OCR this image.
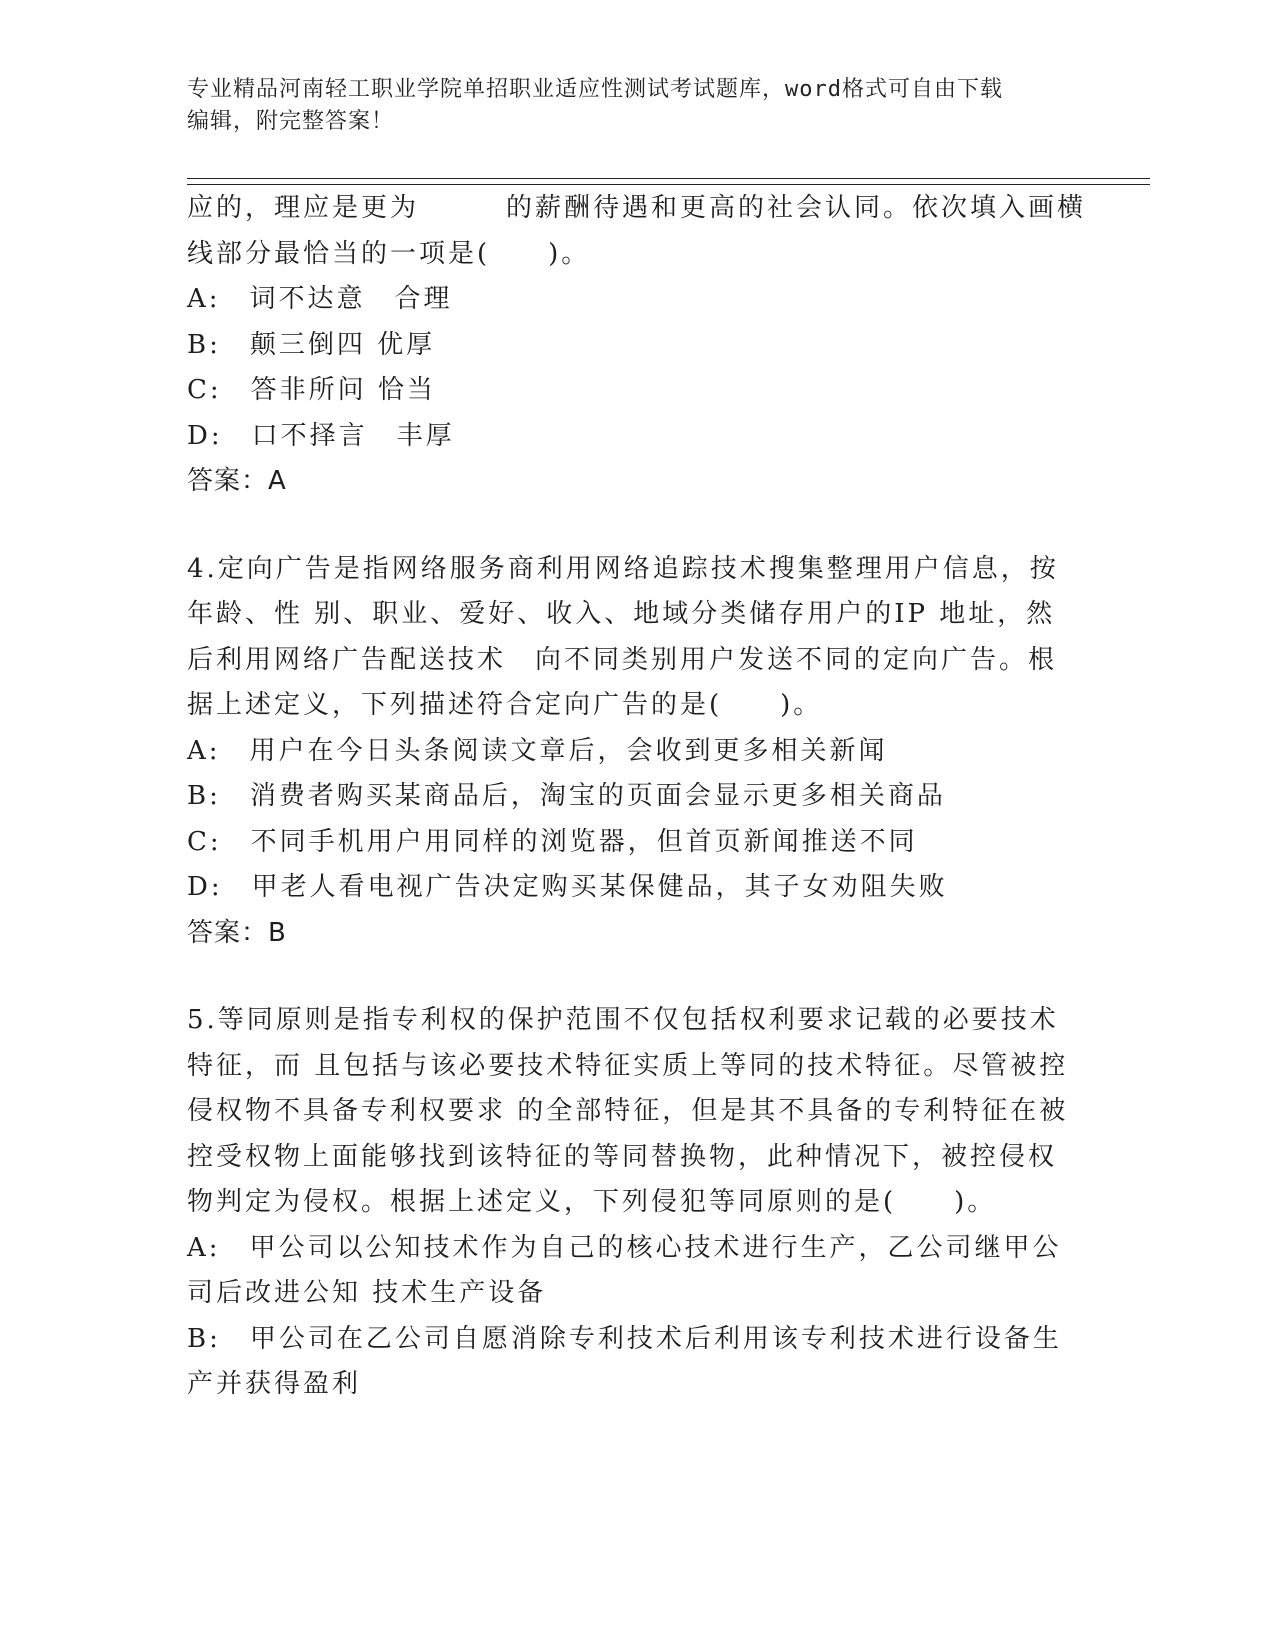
专业精品河南轻工职业学院单招职业适应性测试考试题库，word格式可自由下载
编辑，附完整答案！

应的，理应是更为　　　的薪酬待遇和更高的社会认同。依次填入画横

线部分最恰当的一项是(　　)。

A:　词不达意　合理

B:　颠三倒四 优厚

C:　答非所问 恰当

D:　口不择言　丰厚

答案：A

4.定向广告是指网络服务商利用网络追踪技术搜集整理用户信息，按

年龄、性 别、职业、爱好、收入、地域分类储存用户的IP 地址，然

后利用网络广告配送技术　向不同类别用户发送不同的定向广告。根

据上述定义，下列描述符合定向广告的是(　　)。

A:　用户在今日头条阅读文章后，会收到更多相关新闻

B:　消费者购买某商品后，淘宝的页面会显示更多相关商品

C:　不同手机用户用同样的浏览器，但首页新闻推送不同

D:　甲老人看电视广告决定购买某保健品，其子女劝阻失败

答案：B

5.等同原则是指专利权的保护范围不仅包括权利要求记载的必要技术

特征，而 且包括与该必要技术特征实质上等同的技术特征。尽管被控

侵权物不具备专利权要求 的全部特征，但是其不具备的专利特征在被

控受权物上面能够找到该特征的等同替换物，此种情况下，被控侵权

物判定为侵权。根据上述定义，下列侵犯等同原则的是(　　)。

A:　甲公司以公知技术作为自己的核心技术进行生产，乙公司继甲公

司后改进公知 技术生产设备

B:　甲公司在乙公司自愿消除专利技术后利用该专利技术进行设备生

产并获得盈利
